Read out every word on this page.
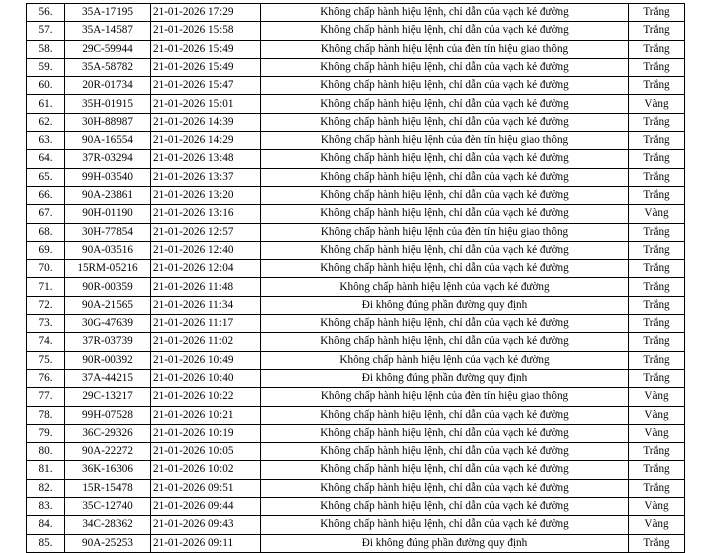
56.	35A-17195	21-01-2026 17:29	Không chấp hành hiệu lệnh, chỉ dẫn của vạch kẻ đường	Trắng
57.	35A-14587	21-01-2026 15:58	Không chấp hành hiệu lệnh, chỉ dẫn của vạch kẻ đường	Trắng
58.	29C-59944	21-01-2026 15:49	Không chấp hành hiệu lệnh của đèn tín hiệu giao thông	Trắng
59.	35A-58782	21-01-2026 15:49	Không chấp hành hiệu lệnh, chỉ dẫn của vạch kẻ đường	Trắng
60.	20R-01734	21-01-2026 15:47	Không chấp hành hiệu lệnh, chỉ dẫn của vạch kẻ đường	Trắng
61.	35H-01915	21-01-2026 15:01	Không chấp hành hiệu lệnh, chỉ dẫn của vạch kẻ đường	Vàng
62.	30H-88987	21-01-2026 14:39	Không chấp hành hiệu lệnh, chỉ dẫn của vạch kẻ đường	Trắng
63.	90A-16554	21-01-2026 14:29	Không chấp hành hiệu lệnh của đèn tín hiệu giao thông	Trắng
64.	37R-03294	21-01-2026 13:48	Không chấp hành hiệu lệnh, chỉ dẫn của vạch kẻ đường	Trắng
65.	99H-03540	21-01-2026 13:37	Không chấp hành hiệu lệnh, chỉ dẫn của vạch kẻ đường	Trắng
66.	90A-23861	21-01-2026 13:20	Không chấp hành hiệu lệnh, chỉ dẫn của vạch kẻ đường	Trắng
67.	90H-01190	21-01-2026 13:16	Không chấp hành hiệu lệnh, chỉ dẫn của vạch kẻ đường	Vàng
68.	30H-77854	21-01-2026 12:57	Không chấp hành hiệu lệnh của đèn tín hiệu giao thông	Trắng
69.	90A-03516	21-01-2026 12:40	Không chấp hành hiệu lệnh, chỉ dẫn của vạch kẻ đường	Trắng
70.	15RM-05216	21-01-2026 12:04	Không chấp hành hiệu lệnh, chỉ dẫn của vạch kẻ đường	Trắng
71.	90R-00359	21-01-2026 11:48	Không chấp hành hiệu lệnh của vạch kẻ đường	Trắng
72.	90A-21565	21-01-2026 11:34	Đi không đúng phần đường quy định	Trắng
73.	30G-47639	21-01-2026 11:17	Không chấp hành hiệu lệnh, chỉ dẫn của vạch kẻ đường	Trắng
74.	37R-03739	21-01-2026 11:02	Không chấp hành hiệu lệnh, chỉ dẫn của vạch kẻ đường	Trắng
75.	90R-00392	21-01-2026 10:49	Không chấp hành hiệu lệnh của vạch kẻ đường	Trắng
76.	37A-44215	21-01-2026 10:40	Đi không đúng phần đường quy định	Trắng
77.	29C-13217	21-01-2026 10:22	Không chấp hành hiệu lệnh của đèn tín hiệu giao thông	Vàng
78.	99H-07528	21-01-2026 10:21	Không chấp hành hiệu lệnh, chỉ dẫn của vạch kẻ đường	Vàng
79.	36C-29326	21-01-2026 10:19	Không chấp hành hiệu lệnh, chỉ dẫn của vạch kẻ đường	Vàng
80.	90A-22272	21-01-2026 10:05	Không chấp hành hiệu lệnh, chỉ dẫn của vạch kẻ đường	Trắng
81.	36K-16306	21-01-2026 10:02	Không chấp hành hiệu lệnh, chỉ dẫn của vạch kẻ đường	Trắng
82.	15R-15478	21-01-2026 09:51	Không chấp hành hiệu lệnh, chỉ dẫn của vạch kẻ đường	Trắng
83.	35C-12740	21-01-2026 09:44	Không chấp hành hiệu lệnh, chỉ dẫn của vạch kẻ đường	Vàng
84.	34C-28362	21-01-2026 09:43	Không chấp hành hiệu lệnh, chỉ dẫn của vạch kẻ đường	Vàng
85.	90A-25253	21-01-2026 09:11	Đi không đúng phần đường quy định	Trắng
